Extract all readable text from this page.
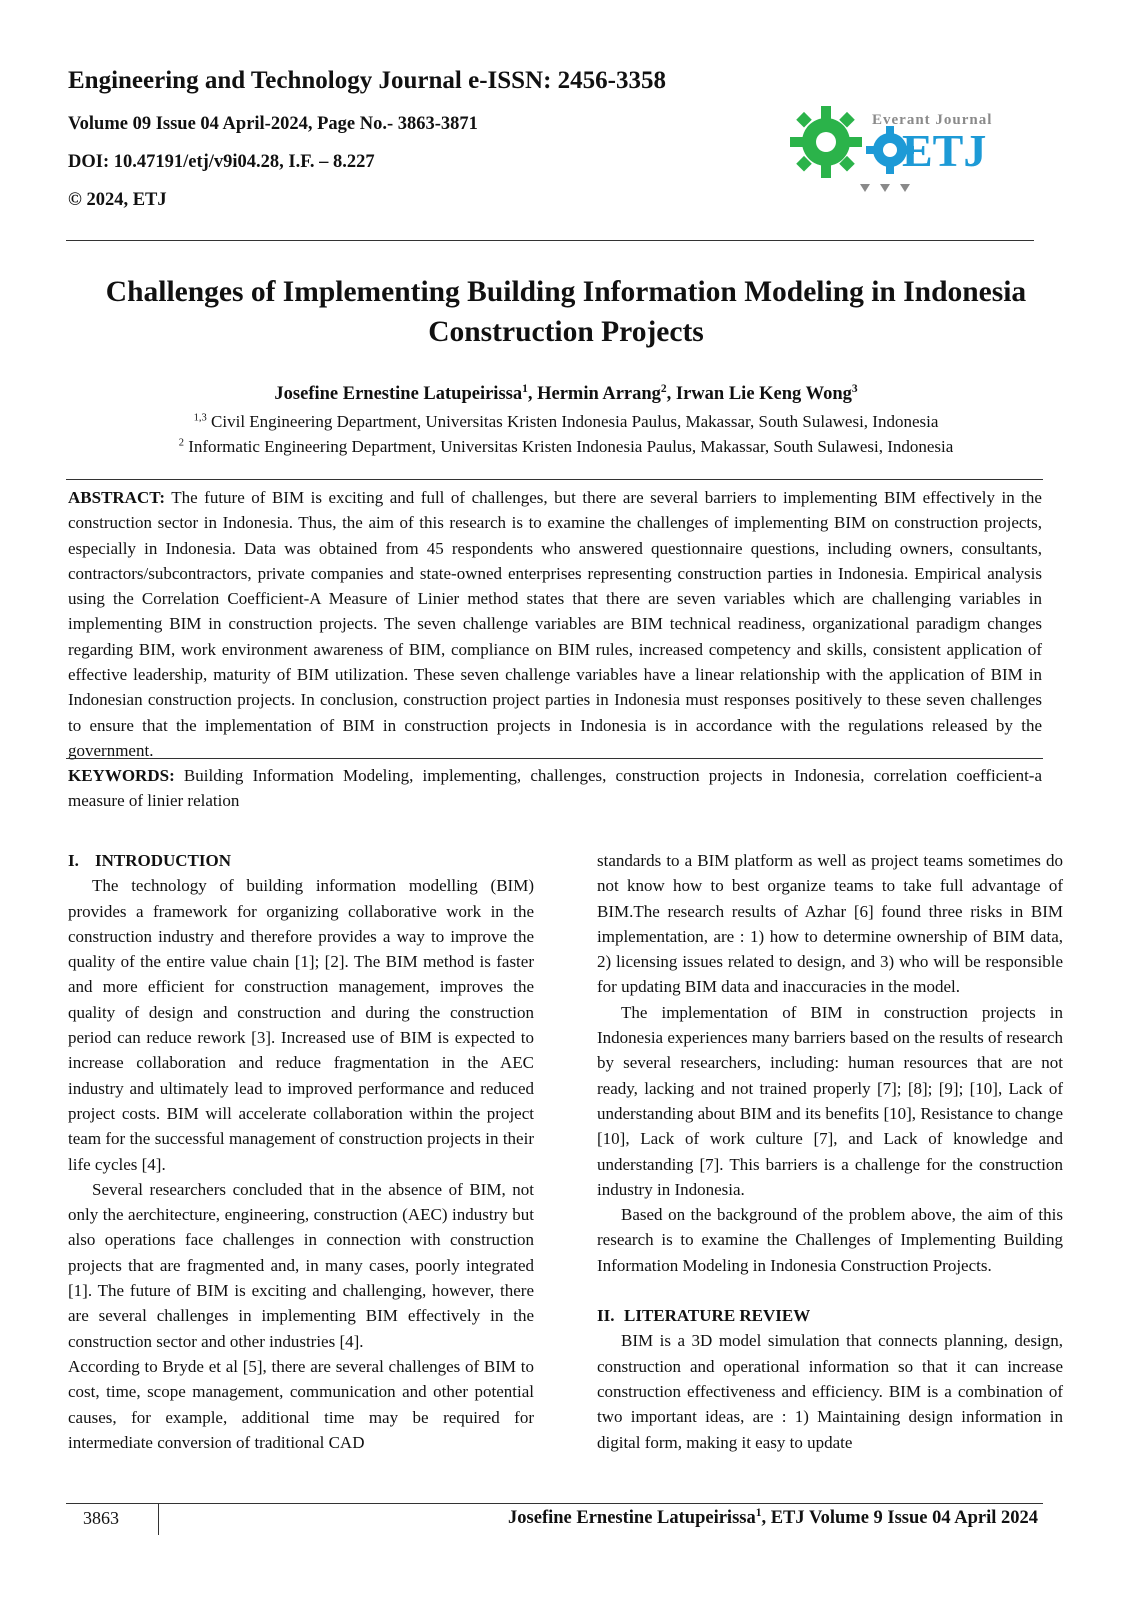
Engineering and Technology Journal e-ISSN: 2456-3358

Volume 09 Issue 04 April-2024, Page No.- 3863-3871

DOI: 10.47191/etj/v9i04.28, I.F. – 8.227

© 2024, ETJ

Everant Journal
ETJ
Challenges of Implementing Building Information Modeling in Indonesia Construction Projects

Josefine Ernestine Latupeirissa$^1$, Hermin Arrang$^2$, Irwan Lie Keng Wong$^3$

$^{1,3}$ Civil Engineering Department, Universitas Kristen Indonesia Paulus, Makassar, South Sulawesi, Indonesia

$^2$ Informatic Engineering Department, Universitas Kristen Indonesia Paulus, Makassar, South Sulawesi, Indonesia

ABSTRACT: The future of BIM is exciting and full of challenges, but there are several barriers to implementing BIM effectively in the construction sector in Indonesia. Thus, the aim of this research is to examine the challenges of implementing BIM on construction projects, especially in Indonesia. Data was obtained from 45 respondents who answered questionnaire questions, including owners, consultants, contractors/subcontractors, private companies and state-owned enterprises representing construction parties in Indonesia. Empirical analysis using the Correlation Coefficient-A Measure of Linier method states that there are seven variables which are challenging variables in implementing BIM in construction projects. The seven challenge variables are BIM technical readiness, organizational paradigm changes regarding BIM, work environment awareness of BIM, compliance on BIM rules, increased competency and skills, consistent application of effective leadership, maturity of BIM utilization. These seven challenge variables have a linear relationship with the application of BIM in Indonesian construction projects. In conclusion, construction project parties in Indonesia must responses positively to these seven challenges to ensure that the implementation of BIM in construction projects in Indonesia is in accordance with the regulations released by the government.

KEYWORDS: Building Information Modeling, implementing, challenges, construction projects in Indonesia, correlation coefficient-a measure of linier relation

I. INTRODUCTION

The technology of building information modelling (BIM) provides a framework for organizing collaborative work in the construction industry and therefore provides a way to improve the quality of the entire value chain [1]; [2]. The BIM method is faster and more efficient for construction management, improves the quality of design and construction and during the construction period can reduce rework [3]. Increased use of BIM is expected to increase collaboration and reduce fragmentation in the AEC industry and ultimately lead to improved performance and reduced project costs. BIM will accelerate collaboration within the project team for the successful management of construction projects in their life cycles [4].

Several researchers concluded that in the absence of BIM, not only the aerchitecture, engineering, construction (AEC) industry but also operations face challenges in connection with construction projects that are fragmented and, in many cases, poorly integrated [1]. The future of BIM is exciting and challenging, however, there are several challenges in implementing BIM effectively in the construction sector and other industries [4].

According to Bryde et al [5], there are several challenges of BIM to cost, time, scope management, communication and other potential causes, for example, additional time may be required for intermediate conversion of traditional CAD

standards to a BIM platform as well as project teams sometimes do not know how to best organize teams to take full advantage of BIM.The research results of Azhar [6] found three risks in BIM implementation, are : 1) how to determine ownership of BIM data, 2) licensing issues related to design, and 3) who will be responsible for updating BIM data and inaccuracies in the model.

The implementation of BIM in construction projects in Indonesia experiences many barriers based on the results of research by several researchers, including: human resources that are not ready, lacking and not trained properly [7]; [8]; [9]; [10], Lack of understanding about BIM and its benefits [10], Resistance to change [10], Lack of work culture [7], and Lack of knowledge and understanding [7]. This barriers is a challenge for the construction industry in Indonesia.

Based on the background of the problem above, the aim of this research is to examine the Challenges of Implementing Building Information Modeling in Indonesia Construction Projects.

II. LITERATURE REVIEW

BIM is a 3D model simulation that connects planning, design, construction and operational information so that it can increase construction effectiveness and efficiency. BIM is a combination of two important ideas, are : 1) Maintaining design information in digital form, making it easy to update

3863	Josefine Ernestine Latupeirissa$^1$, ETJ Volume 9 Issue 04 April 2024
